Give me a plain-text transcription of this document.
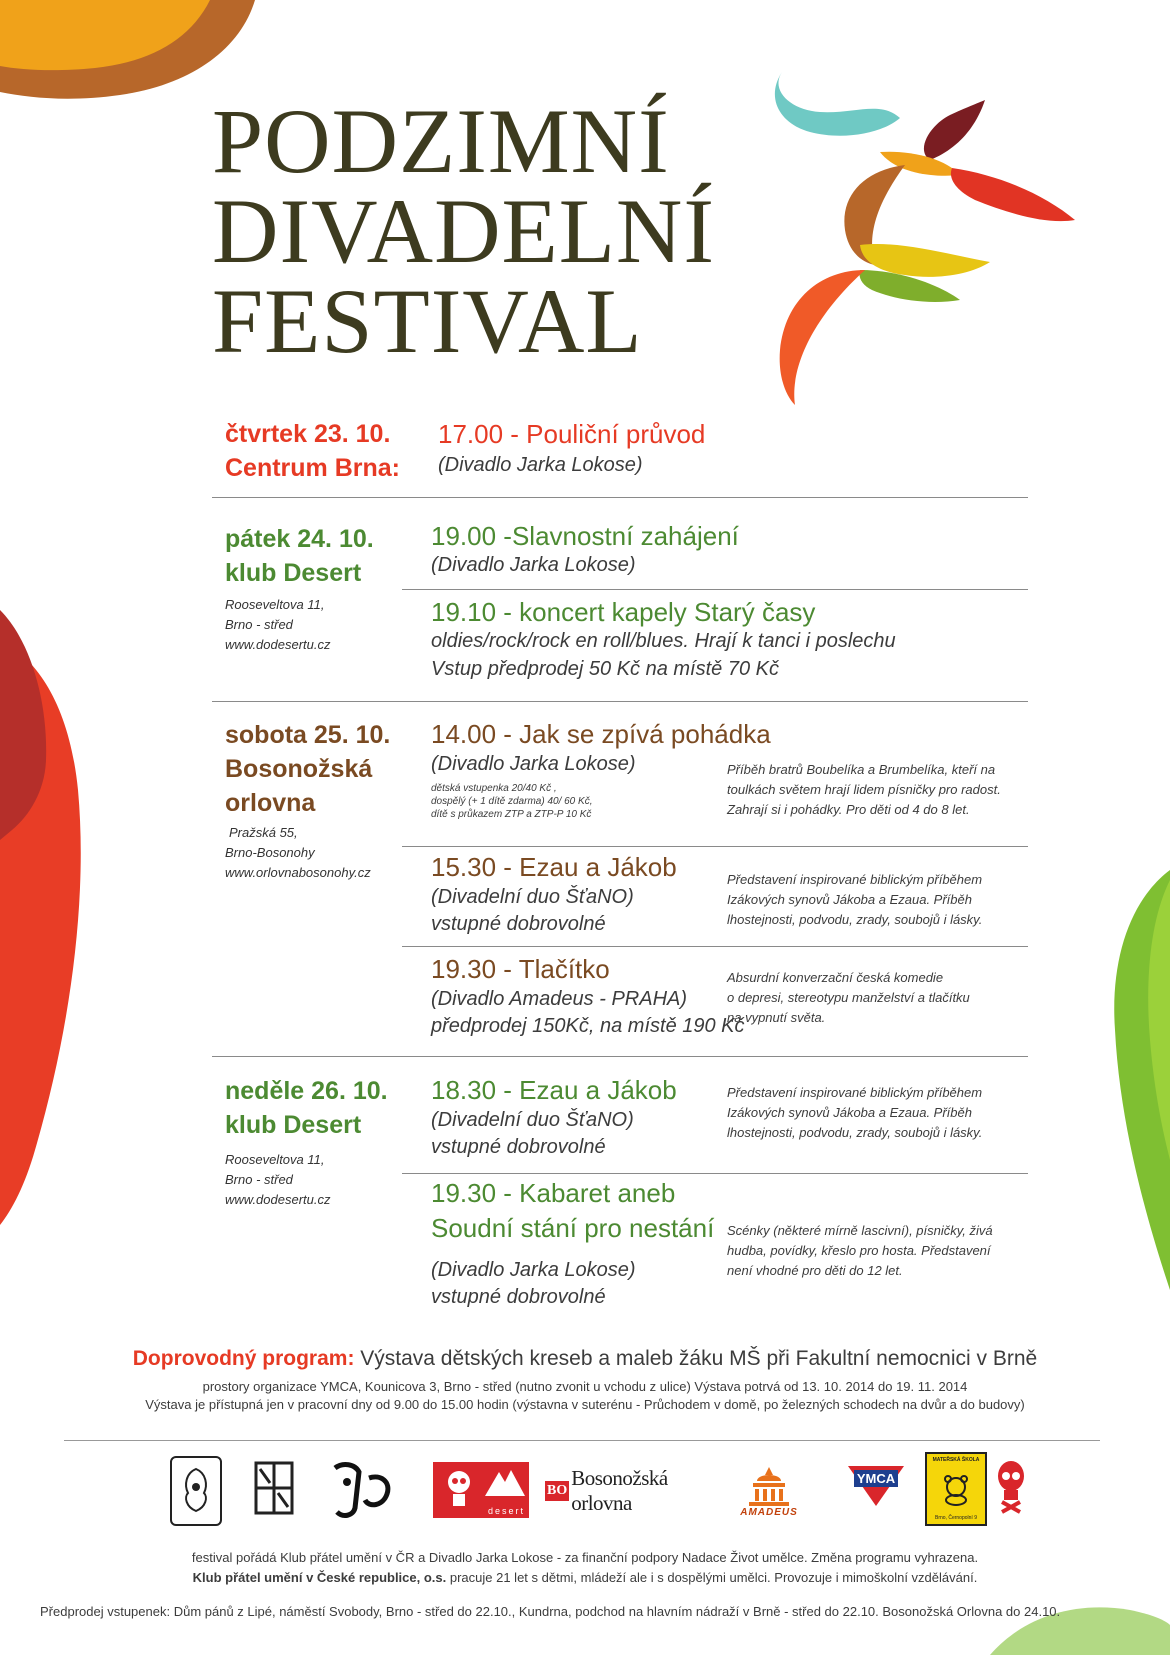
PODZIMNÍ
DIVADELNÍ
FESTIVAL
čtvrtek 23. 10.
Centrum Brna:
17.00 - Pouliční průvod
(Divadlo Jarka Lokose)
pátek 24. 10.
klub Desert
Rooseveltova 11,
Brno - střed
www.dodesertu.cz
19.00 -Slavnostní zahájení
(Divadlo Jarka Lokose)
19.10 - koncert kapely Starý časy
oldies/rock/rock en roll/blues. Hrají k tanci i poslechu
Vstup předprodej 50 Kč na místě 70 Kč
sobota 25. 10.
Bosonožská
orlovna
Pražská 55,
Brno-Bosonohy
www.orlovnabosonohy.cz
14.00 - Jak se zpívá pohádka
(Divadlo Jarka Lokose)
dětská vstupenka 20/40 Kč ,
dospělý (+ 1 dítě zdarma) 40/ 60 Kč,
dítě s průkazem ZTP a ZTP-P 10 Kč
Příběh bratrů Boubelíka a Brumbelíka, kteří na
toulkách světem hrají lidem písničky pro radost.
Zahrají si i pohádky. Pro děti od 4 do 8 let.
15.30 - Ezau a Jákob
(Divadelní duo ŠťaNO)
vstupné dobrovolné
Představení inspirované biblickým příběhem
Izákových synovů Jákoba a Ezaua. Příběh
lhostejnosti, podvodu, zrady, soubojů i lásky.
19.30 - Tlačítko
(Divadlo Amadeus - PRAHA)
předprodej 150Kč, na místě 190 Kč
Absurdní konverzační česká komedie
o depresi, stereotypu manželství a tlačítku
na vypnutí světa.
neděle 26. 10.
klub Desert
Rooseveltova 11,
Brno - střed
www.dodesertu.cz
18.30 - Ezau a Jákob
(Divadelní duo ŠťaNO)
vstupné dobrovolné
Představení inspirované biblickým příběhem
Izákových synovů Jákoba a Ezaua. Příběh
lhostejnosti, podvodu, zrady, soubojů i lásky.
19.30 - Kabaret aneb
Soudní stání pro nestání
(Divadlo Jarka Lokose)
vstupné dobrovolné
Scénky (některé mírně lascivní), písničky, živá
hudba, povídky, křeslo pro hosta. Představení
není vhodné pro děti do 12 let.
Doprovodný program: Výstava dětských kreseb a maleb žáku MŠ při Fakultní nemocnici v Brně
prostory organizace YMCA, Kounicova 3, Brno - střed (nutno zvonit u vchodu z ulice) Výstava potrvá od 13. 10. 2014 do 19. 11. 2014
Výstava je přístupná jen v pracovní dny od 9.00 do 15.00 hodin (výstavna v suterénu - Průchodem v domě, po železných schodech na dvůr a do budovy)
desert
BO
Bosonožská orlovna	AMADEUS
YMCA
MATEŘSKÁ ŠKOLA
Brno, Černopolní 9
festival pořádá Klub přátel umění v ČR a Divadlo Jarka Lokose - za finanční podpory Nadace Život umělce. Změna programu vyhrazena.
Klub přátel umění v České republice, o.s. pracuje 21 let s dětmi, mládeží ale i s dospělými umělci. Provozuje i mimoškolní vzdělávání.
Předprodej vstupenek: Dům pánů z Lipé, náměstí Svobody, Brno - střed do 22.10., Kundrna, podchod na hlavním nádraží v Brně - střed do 22.10. Bosonožská Orlovna do 24.10.
